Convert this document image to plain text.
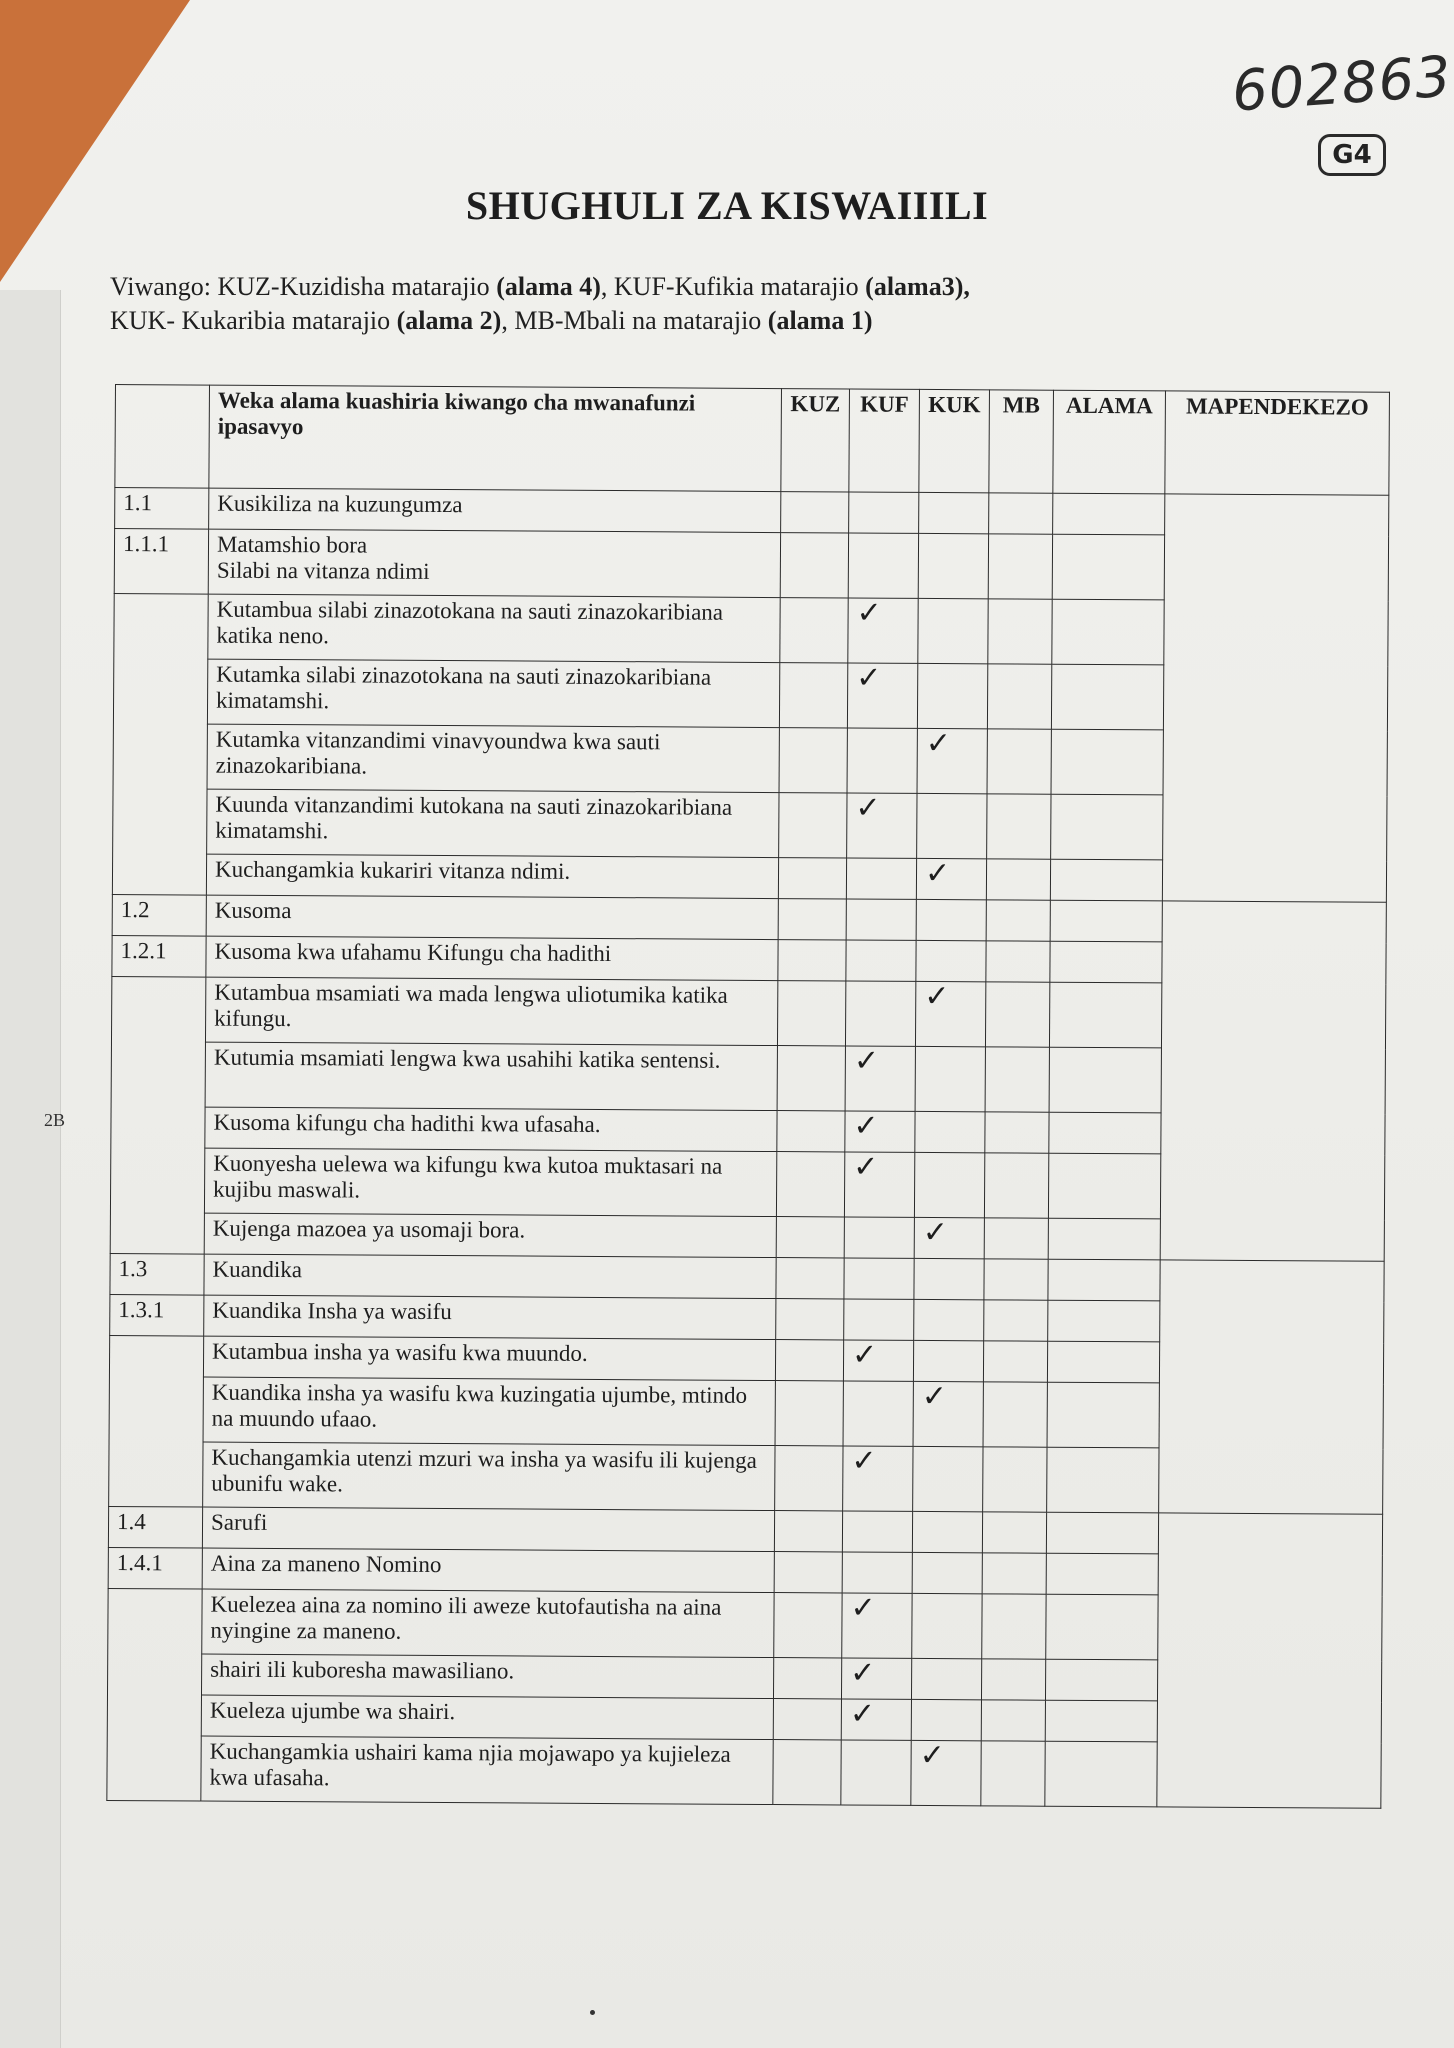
602863
G4
SHUGHULI ZA KISWAIIILI
Viwango: KUZ-Kuzidisha matarajio (alama 4), KUF-Kufikia matarajio (alama3),
KUK- Kukaribia matarajio (alama 2), MB-Mbali na matarajio (alama 1)
2B
	Weka alama kuashiria kiwango cha mwanafunzi ipasavyo	KUZ	KUF	KUK	MB	ALAMA	MAPENDEKEZO
1.1	Kusikiliza na kuzungumza						
1.1.1	Matamshio bora
Silabi na vitanza ndimi						

	Kutambua silabi zinazotokana na sauti zinazokaribiana katika neno.		✓				
	Kutamka silabi zinazotokana na sauti zinazokaribiana kimatamshi.		✓				
	Kutamka vitanzandimi vinavyoundwa kwa sauti zinazokaribiana.			✓			
	Kuunda vitanzandimi kutokana na sauti zinazokaribiana kimatamshi.		✓				
	Kuchangamkia kukariri vitanza ndimi.			✓			
1.2	Kusoma						
1.2.1	Kusoma kwa ufahamu Kifungu cha hadithi						

	Kutambua msamiati wa mada lengwa uliotumika katika kifungu.			✓			
	Kutumia msamiati lengwa kwa usahihi katika sentensi.		✓				
	Kusoma kifungu cha hadithi kwa ufasaha.		✓				
	Kuonyesha uelewa wa kifungu kwa kutoa muktasari na kujibu maswali.		✓				
	Kujenga mazoea ya usomaji bora.			✓			
1.3	Kuandika						
1.3.1	Kuandika Insha ya wasifu						

	Kutambua insha ya wasifu kwa muundo.		✓				
	Kuandika insha ya wasifu kwa kuzingatia ujumbe, mtindo na muundo ufaao.			✓			
	Kuchangamkia utenzi mzuri wa insha ya wasifu ili kujenga ubunifu wake.		✓				
1.4	Sarufi						
1.4.1	Aina za maneno Nomino						

	Kuelezea aina za nomino ili aweze kutofautisha na aina nyingine za maneno.		✓				
	shairi ili kuboresha mawasiliano.		✓				
	Kueleza ujumbe wa shairi.		✓				
	Kuchangamkia ushairi kama njia mojawapo ya kujieleza kwa ufasaha.			✓			
